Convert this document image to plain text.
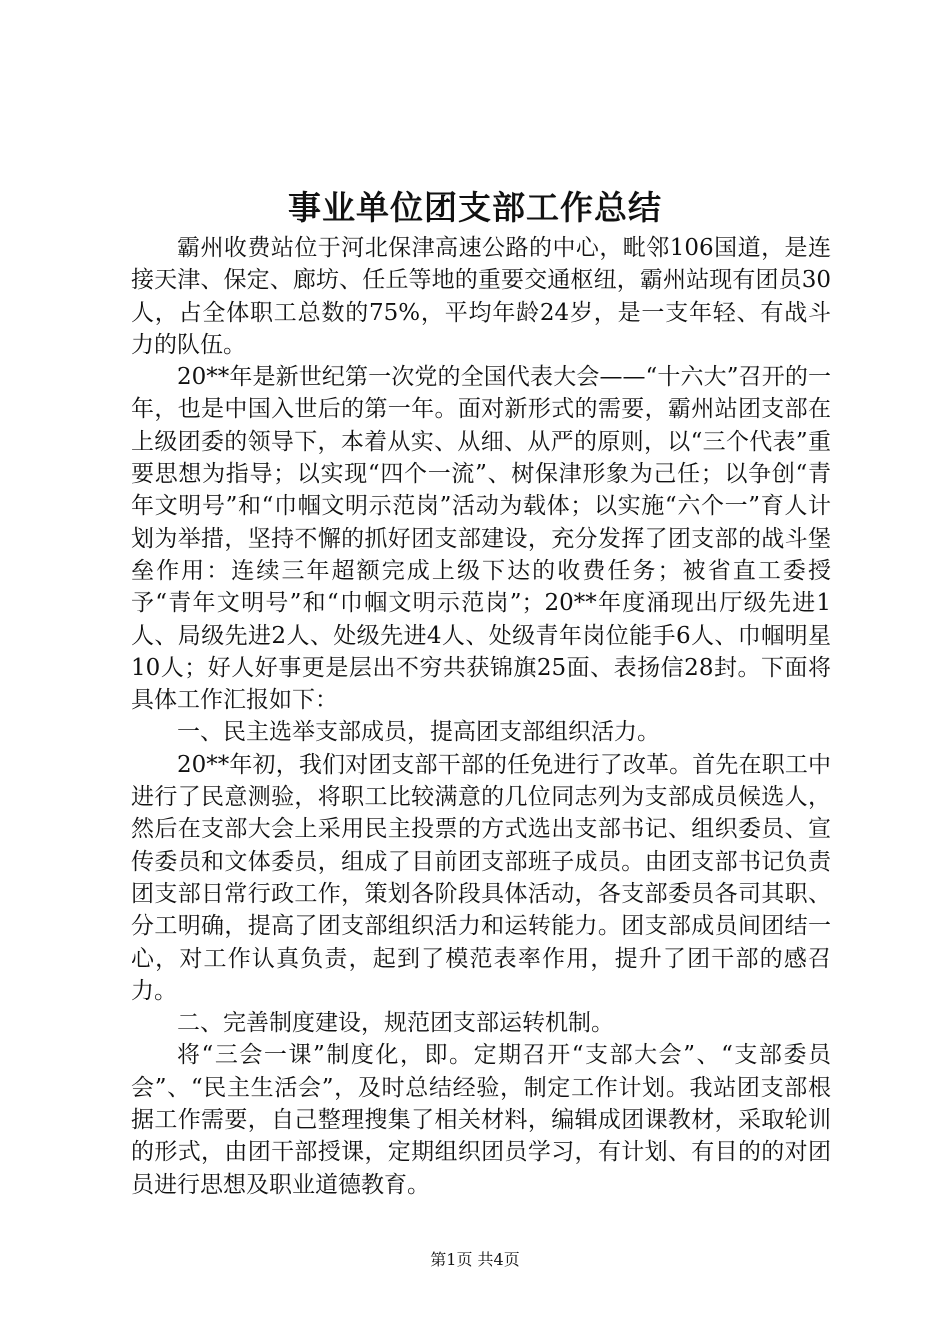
事业单位团支部工作总结

霸州收费站位于河北保津高速公路的中心，毗邻106国道，是连接天津、保定、廊坊、任丘等地的重要交通枢纽，霸州站现有团员30人，占全体职工总数的75%，平均年龄24岁，是一支年轻、有战斗力的队伍。

20**年是新世纪第一次党的全国代表大会——“十六大”召开的一年，也是中国入世后的第一年。面对新形式的需要，霸州站团支部在上级团委的领导下，本着从实、从细、从严的原则，以“三个代表”重要思想为指导；以实现“四个一流”、树保津形象为己任；以争创“青年文明号”和“巾帼文明示范岗”活动为载体；以实施“六个一”育人计划为举措，坚持不懈的抓好团支部建设，充分发挥了团支部的战斗堡垒作用：连续三年超额完成上级下达的收费任务；被省直工委授予“青年文明号”和“巾帼文明示范岗”；20**年度涌现出厅级先进1人、局级先进2人、处级先进4人、处级青年岗位能手6人、巾帼明星10人；好人好事更是层出不穷共获锦旗25面、表扬信28封。下面将具体工作汇报如下：

一、民主选举支部成员，提高团支部组织活力。

20**年初，我们对团支部干部的任免进行了改革。首先在职工中进行了民意测验，将职工比较满意的几位同志列为支部成员候选人，然后在支部大会上采用民主投票的方式选出支部书记、组织委员、宣传委员和文体委员，组成了目前团支部班子成员。由团支部书记负责团支部日常行政工作，策划各阶段具体活动，各支部委员各司其职、分工明确，提高了团支部组织活力和运转能力。团支部成员间团结一心，对工作认真负责，起到了模范表率作用，提升了团干部的感召力。

二、完善制度建设，规范团支部运转机制。

将“三会一课”制度化，即。定期召开“支部大会”、“支部委员会”、“民主生活会”，及时总结经验，制定工作计划。我站团支部根据工作需要，自己整理搜集了相关材料，编辑成团课教材，采取轮训的形式，由团干部授课，定期组织团员学习，有计划、有目的的对团员进行思想及职业道德教育。

第1页 共4页
